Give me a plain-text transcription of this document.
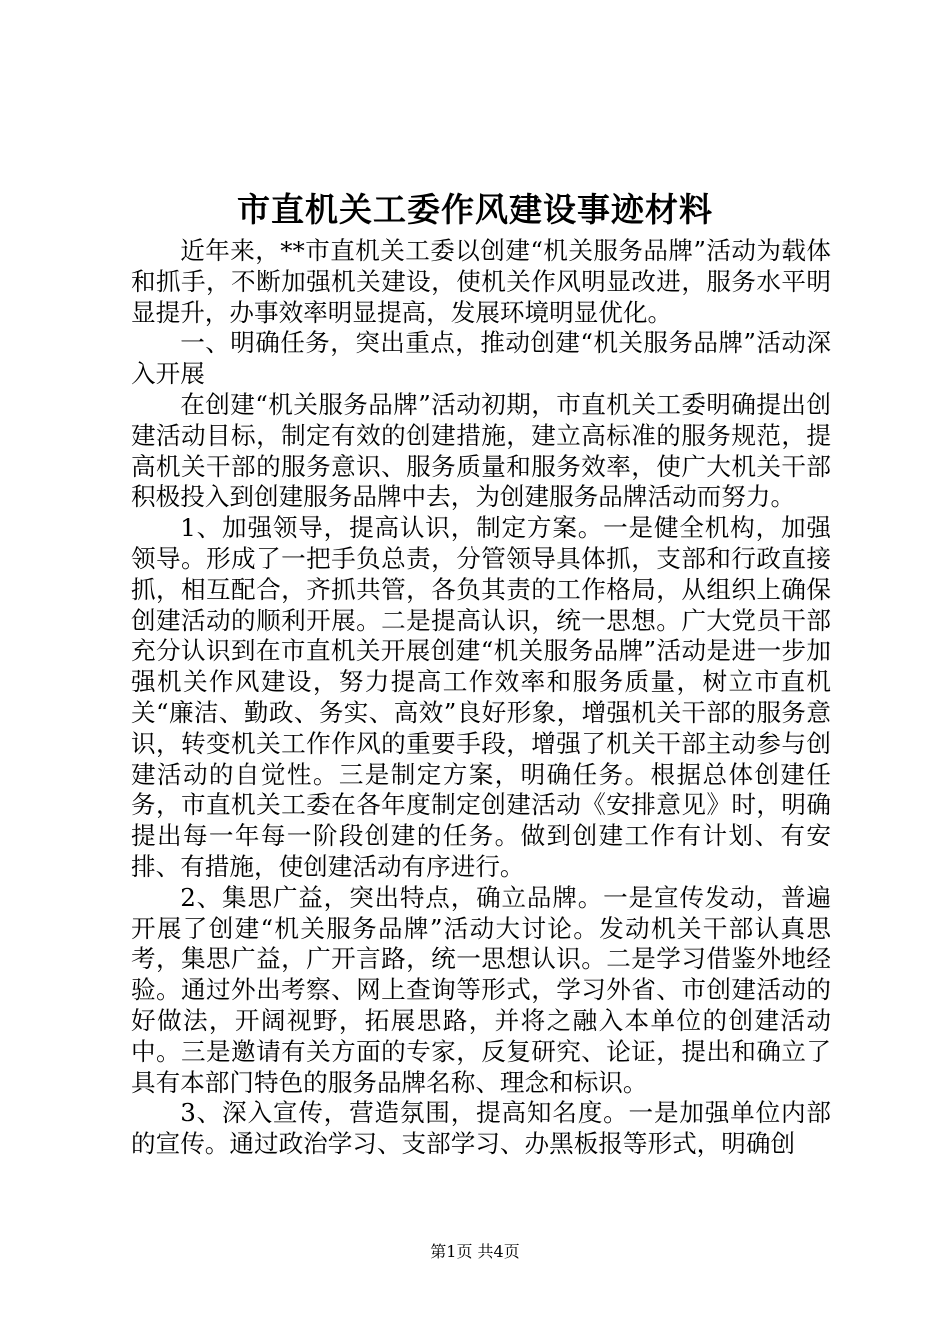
市直机关工委作风建设事迹材料

近年来，**市直机关工委以创建“机关服务品牌”活动为载体和抓手，不断加强机关建设，使机关作风明显改进，服务水平明显提升，办事效率明显提高，发展环境明显优化。

一、明确任务，突出重点，推动创建“机关服务品牌”活动深入开展

在创建“机关服务品牌”活动初期，市直机关工委明确提出创建活动目标，制定有效的创建措施，建立高标准的服务规范，提高机关干部的服务意识、服务质量和服务效率，使广大机关干部积极投入到创建服务品牌中去，为创建服务品牌活动而努力。

1、加强领导，提高认识，制定方案。一是健全机构，加强领导。形成了一把手负总责，分管领导具体抓，支部和行政直接抓，相互配合，齐抓共管，各负其责的工作格局，从组织上确保创建活动的顺利开展。二是提高认识，统一思想。广大党员干部充分认识到在市直机关开展创建“机关服务品牌”活动是进一步加强机关作风建设，努力提高工作效率和服务质量，树立市直机关“廉洁、勤政、务实、高效”良好形象，增强机关干部的服务意识，转变机关工作作风的重要手段，增强了机关干部主动参与创建活动的自觉性。三是制定方案，明确任务。根据总体创建任务，市直机关工委在各年度制定创建活动《安排意见》时，明确提出每一年每一阶段创建的任务。做到创建工作有计划、有安排、有措施，使创建活动有序进行。

2、集思广益，突出特点，确立品牌。一是宣传发动，普遍开展了创建“机关服务品牌”活动大讨论。发动机关干部认真思考，集思广益，广开言路，统一思想认识。二是学习借鉴外地经验。通过外出考察、网上查询等形式，学习外省、市创建活动的好做法，开阔视野，拓展思路，并将之融入本单位的创建活动中。三是邀请有关方面的专家，反复研究、论证，提出和确立了具有本部门特色的服务品牌名称、理念和标识。

3、深入宣传，营造氛围，提高知名度。一是加强单位内部的宣传。通过政治学习、支部学习、办黑板报等形式，明确创

第1页 共4页
